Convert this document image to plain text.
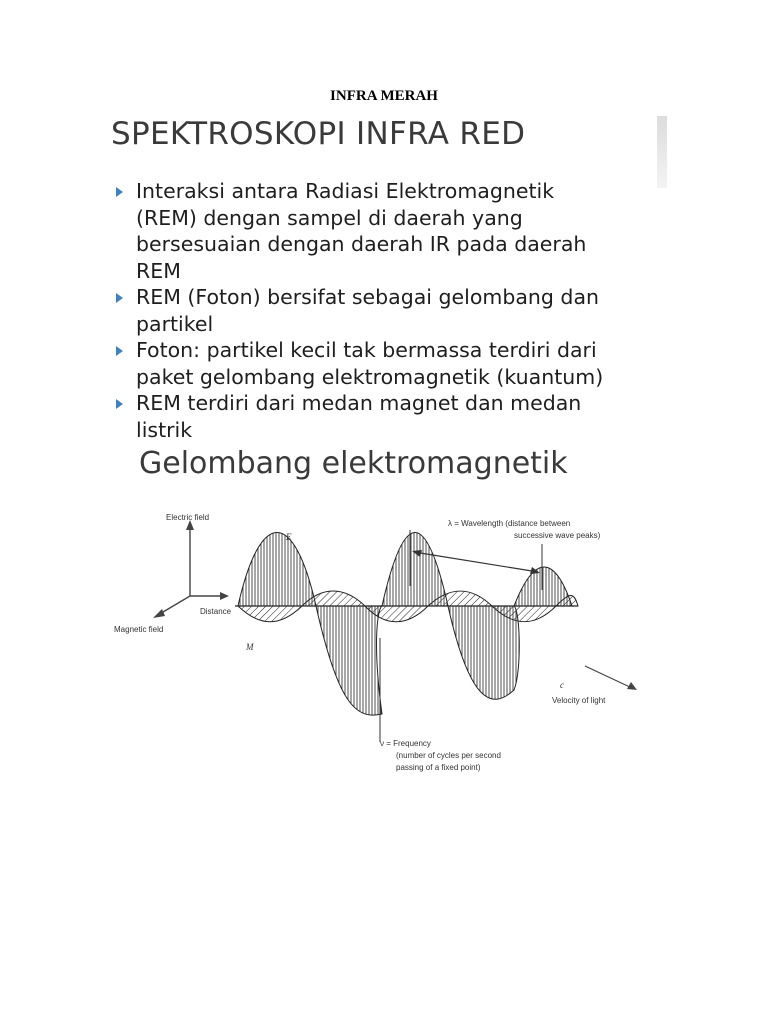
INFRA MERAH
SPEKTROSKOPI INFRA RED
Interaksi antara Radiasi Elektromagnetik
(REM) dengan sampel di daerah yang
bersesuaian dengan daerah IR pada daerah
REM
REM (Foton) bersifat sebagai gelombang dan
partikel
Foton: partikel kecil tak bermassa terdiri dari
paket gelombang elektromagnetik (kuantum)
REM terdiri dari medan magnet dan medan
listrik
Gelombang elektromagnetik
Electric field
Magnetic field
Distance
E
M
c
Velocity of light
λ = Wavelength (distance between
successive wave peaks)
ν = Frequency
(number of cycles per second
passing of a fixed point)
